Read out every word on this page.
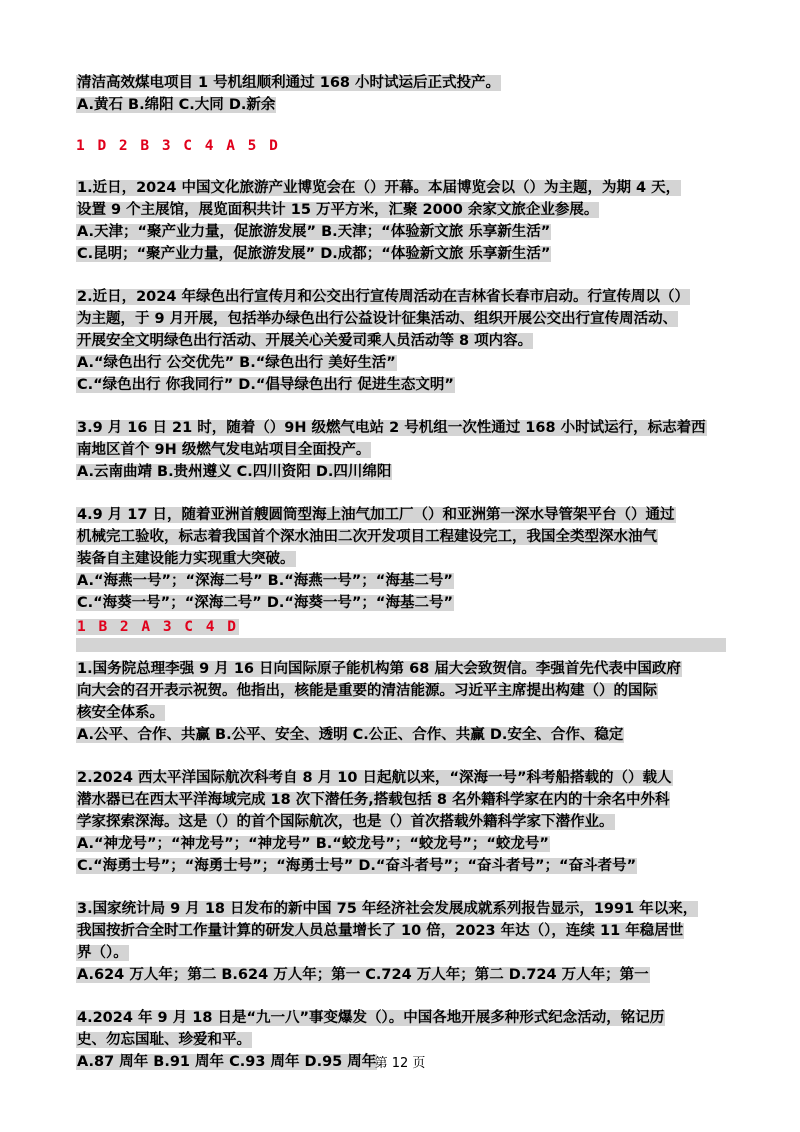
清洁高效煤电项目 1 号机组顺利通过 168 小时试运后正式投产。
A.黄石 B.绵阳 C.大同 D.新余
1 D 2 B 3 C 4 A 5 D
1.近日，2024 中国文化旅游产业博览会在（）开幕。本届博览会以（）为主题，为期 4 天，
设置 9 个主展馆，展览面积共计 15 万平方米，汇聚 2000 余家文旅企业参展。
A.天津；“聚产业力量，促旅游发展” B.天津；“体验新文旅 乐享新生活”
C.昆明；“聚产业力量，促旅游发展” D.成都；“体验新文旅 乐享新生活”
2.近日，2024 年绿色出行宣传月和公交出行宣传周活动在吉林省长春市启动。行宣传周以（）
为主题，于 9 月开展，包括举办绿色出行公益设计征集活动、组织开展公交出行宣传周活动、
开展安全文明绿色出行活动、开展关心关爱司乘人员活动等 8 项内容。
A.“绿色出行 公交优先” B.“绿色出行 美好生活”
C.“绿色出行 你我同行” D.“倡导绿色出行 促进生态文明”
3.9 月 16 日 21 时，随着（）9H 级燃气电站 2 号机组一次性通过 168 小时试运行，标志着西
南地区首个 9H 级燃气发电站项目全面投产。
A.云南曲靖 B.贵州遵义 C.四川资阳 D.四川绵阳
4.9 月 17 日，随着亚洲首艘圆筒型海上油气加工厂（）和亚洲第一深水导管架平台（）通过
机械完工验收，标志着我国首个深水油田二次开发项目工程建设完工，我国全类型深水油气
装备自主建设能力实现重大突破。
A.“海燕一号”；“深海二号” B.“海燕一号”；“海基二号”
C.“海葵一号”；“深海二号” D.“海葵一号”；“海基二号”
1 B 2 A 3 C 4 D
1.国务院总理李强 9 月 16 日向国际原子能机构第 68 届大会致贺信。李强首先代表中国政府
向大会的召开表示祝贺。他指出，核能是重要的清洁能源。习近平主席提出构建（）的国际
核安全体系。
A.公平、合作、共赢 B.公平、安全、透明 C.公正、合作、共赢 D.安全、合作、稳定
2.2024 西太平洋国际航次科考自 8 月 10 日起航以来，“深海一号”科考船搭载的（）载人
潜水器已在西太平洋海域完成 18 次下潜任务,搭载包括 8 名外籍科学家在内的十余名中外科
学家探索深海。这是（）的首个国际航次，也是（）首次搭载外籍科学家下潜作业。
A.“神龙号”；“神龙号”；“神龙号” B.“蛟龙号”；“蛟龙号”；“蛟龙号”
C.“海勇士号”；“海勇士号”；“海勇士号” D.“奋斗者号”；“奋斗者号”；“奋斗者号”
3.国家统计局 9 月 18 日发布的新中国 75 年经济社会发展成就系列报告显示，1991 年以来，
我国按折合全时工作量计算的研发人员总量增长了 10 倍，2023 年达（），连续 11 年稳居世
界（）。
A.624 万人年；第二 B.624 万人年；第一 C.724 万人年；第二 D.724 万人年；第一
4.2024 年 9 月 18 日是“九一八”事变爆发（）。中国各地开展多种形式纪念活动，铭记历
史、勿忘国耻、珍爱和平。
A.87 周年 B.91 周年 C.93 周年 D.95 周年
第 12 页
